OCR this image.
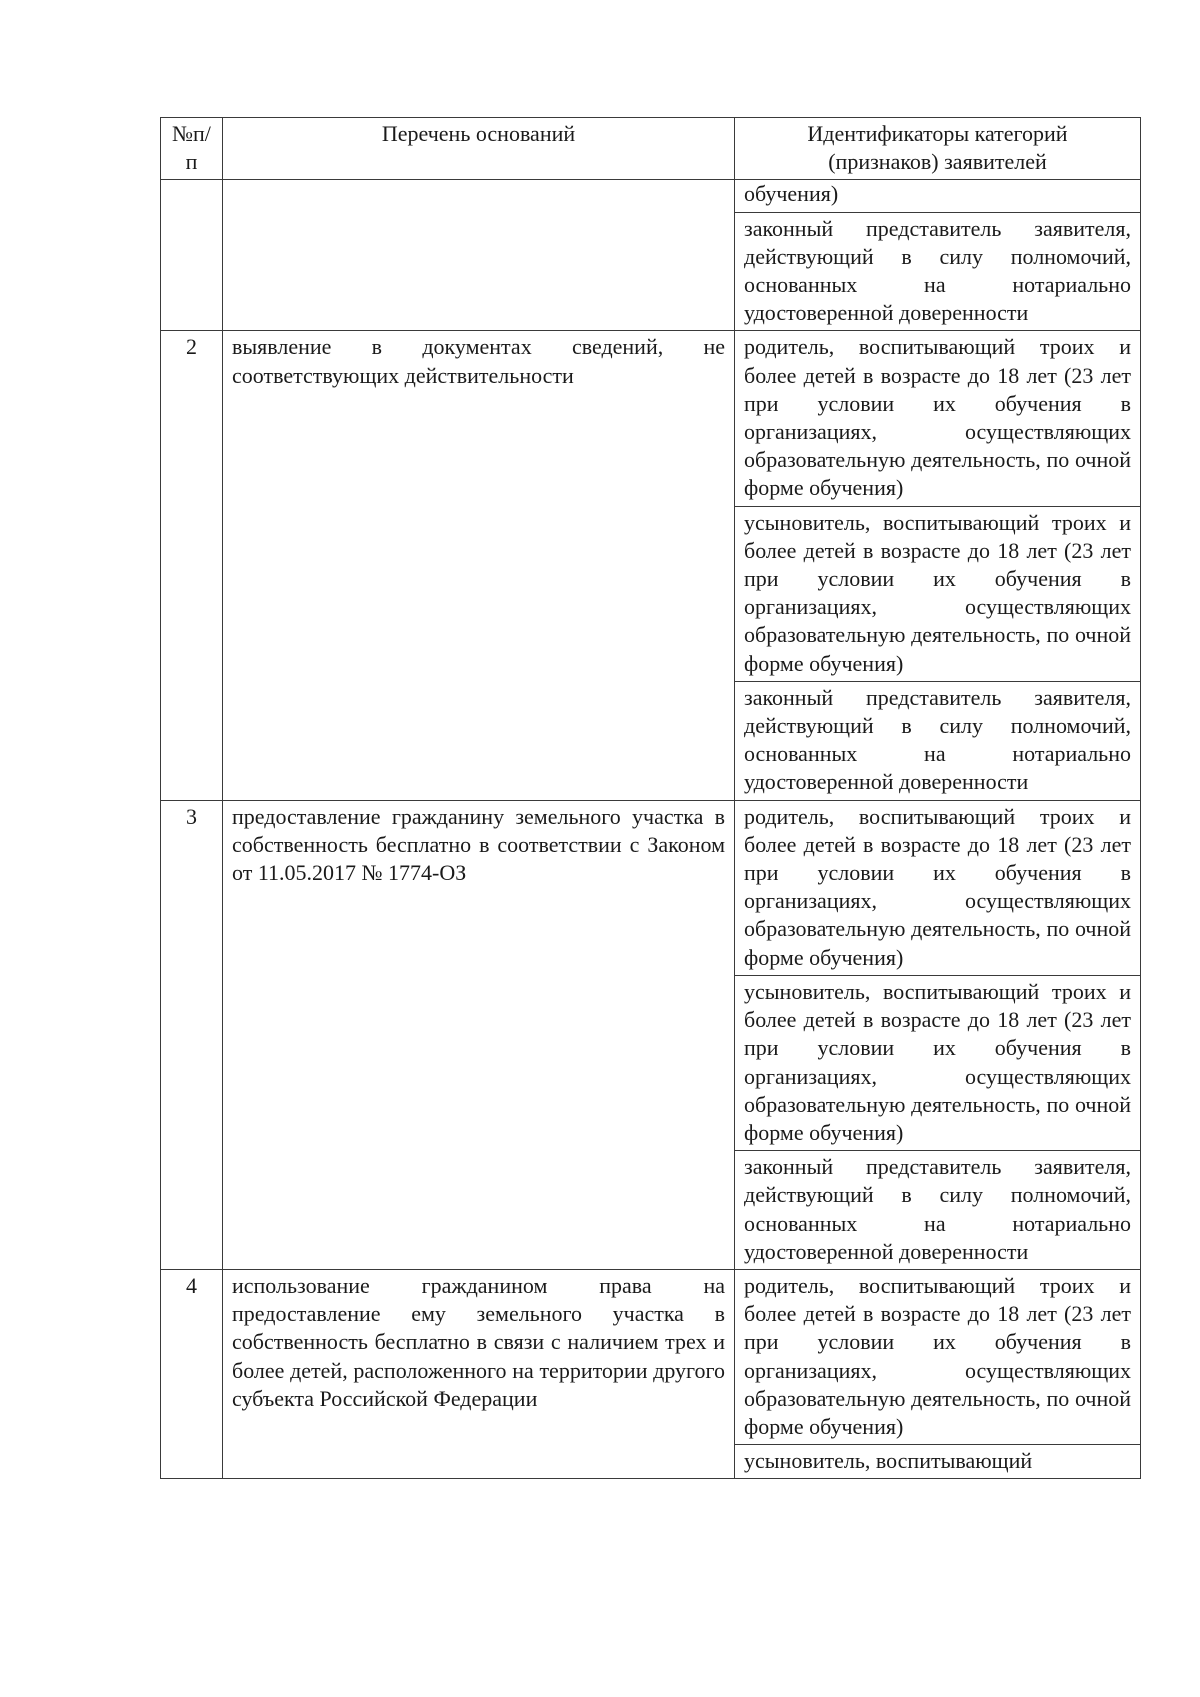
№п/
п	Перечень оснований	Идентификаторы категорий
(признаков) заявителей

		обучения)
		законный представитель заявителя, действующий в силу полномочий, основанных на нотариально удостоверенной доверенности
2	выявление в документах сведений, не соответствующих действительности	родитель, воспитывающий троих и более детей в возрасте до 18 лет (23 лет при условии их обучения в организациях, осуществляющих образовательную деятельность, по очной форме обучения)
		усыновитель, воспитывающий троих и более детей в возрасте до 18 лет (23 лет при условии их обучения в организациях, осуществляющих образовательную деятельность, по очной форме обучения)
		законный представитель заявителя, действующий в силу полномочий, основанных на нотариально удостоверенной доверенности
3	предоставление гражданину земельного участка в собственность бесплатно в соответствии с Законом от 11.05.2017 № 1774-ОЗ	родитель, воспитывающий троих и более детей в возрасте до 18 лет (23 лет при условии их обучения в организациях, осуществляющих образовательную деятельность, по очной форме обучения)
		усыновитель, воспитывающий троих и более детей в возрасте до 18 лет (23 лет при условии их обучения в организациях, осуществляющих образовательную деятельность, по очной форме обучения)
		законный представитель заявителя, действующий в силу полномочий, основанных на нотариально удостоверенной доверенности
4	использование гражданином права на предоставление ему земельного участка в собственность бесплатно в связи с наличием трех и более детей, расположенного на территории другого субъекта Российской Федерации	родитель, воспитывающий троих и более детей в возрасте до 18 лет (23 лет при условии их обучения в организациях, осуществляющих образовательную деятельность, по очной форме обучения)
		усыновитель, воспитывающий
